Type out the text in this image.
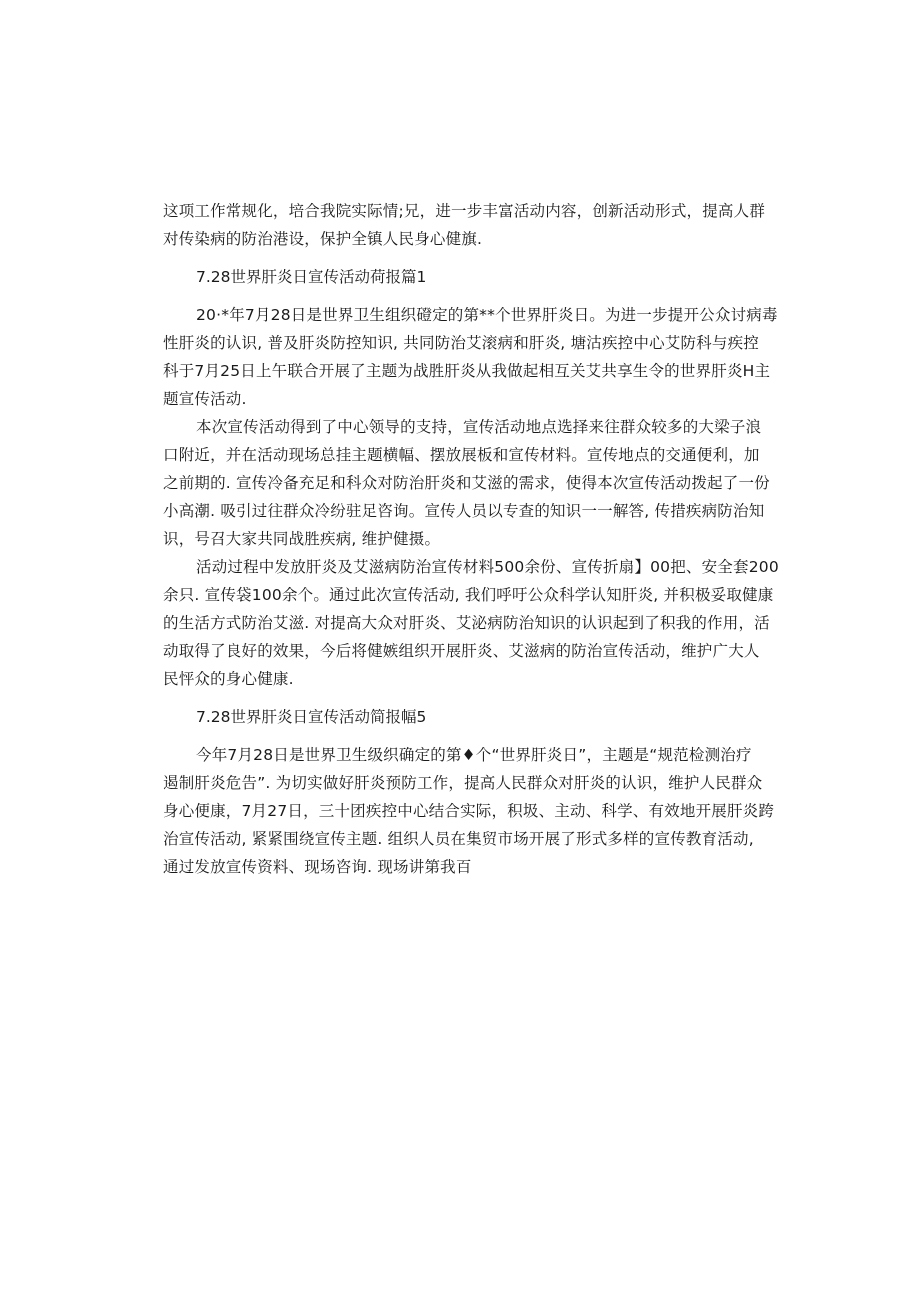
这项工作常规化，培合我院实际情;兄，进一步丰富活动内容，创新活动形式，提高人群
对传染病的防治港设，保护全镇人民身心健旗.
7.28世界肝炎日宣传活动荷报篇1
20·*年7月28日是世界卫生组织磴定的第**个世界肝炎日。为进一步提开公众讨病毒
性肝炎的认识, 普及肝炎防控知识, 共同防治艾滚病和肝炎, 塘沽疾控中心艾防科与疾控
科于7月25日上午联合开展了主题为战胜肝炎从我做起相互关艾共享生令的世界肝炎H主
题宣传活动.
本次宣传活动得到了中心领导的支持，宣传活动地点选择来往群众较多的大梁子浪
口附近，并在活动现场总挂主题横幅、摆放展板和宣传材料。宣传地点的交通便利，加
之前期的. 宣传冷备充足和科众对防治肝炎和艾滋的需求，使得本次宣传活动拨起了一份
小高潮. 吸引过往群众冷纷驻足咨询。宣传人员以专查的知识一一解答, 传措疾病防治知
识，号召大家共同战胜疾病, 维护健摄。
活动过程中发放肝炎及艾滋病防治宣传材料500余份、宣传折扇】00把、安全套200
余只. 宣传袋100余个。通过此次宣传活动, 我们呼吁公众科学认知肝炎, 并积极妥取健康
的生活方式防治艾滋. 对提高大众对肝炎、艾泌病防治知识的认识起到了积我的作用，活
动取得了良好的效果，今后将健嫉组织开展肝炎、艾滋病的防治宣传活动，维护广大人
民怦众的身心健康.
7.28世界肝炎日宣传活动简报幅5
今年7月28日是世界卫生级织确定的第♦个“世界肝炎日”，主题是“规范检测治疗
遏制肝炎危告”. 为切实做好肝炎预防工作，提高人民群众对肝炎的认识，维护人民群众
身心便康，7月27日，三十团疾控中心结合实际，积圾、主动、科学、有效地开展肝炎跨
治宣传活动, 紧紧围绕宣传主题. 组织人员在集贸市场开展了形式多样的宣传教育活动,
通过发放宣传资料、现场咨询. 现场讲第我百
